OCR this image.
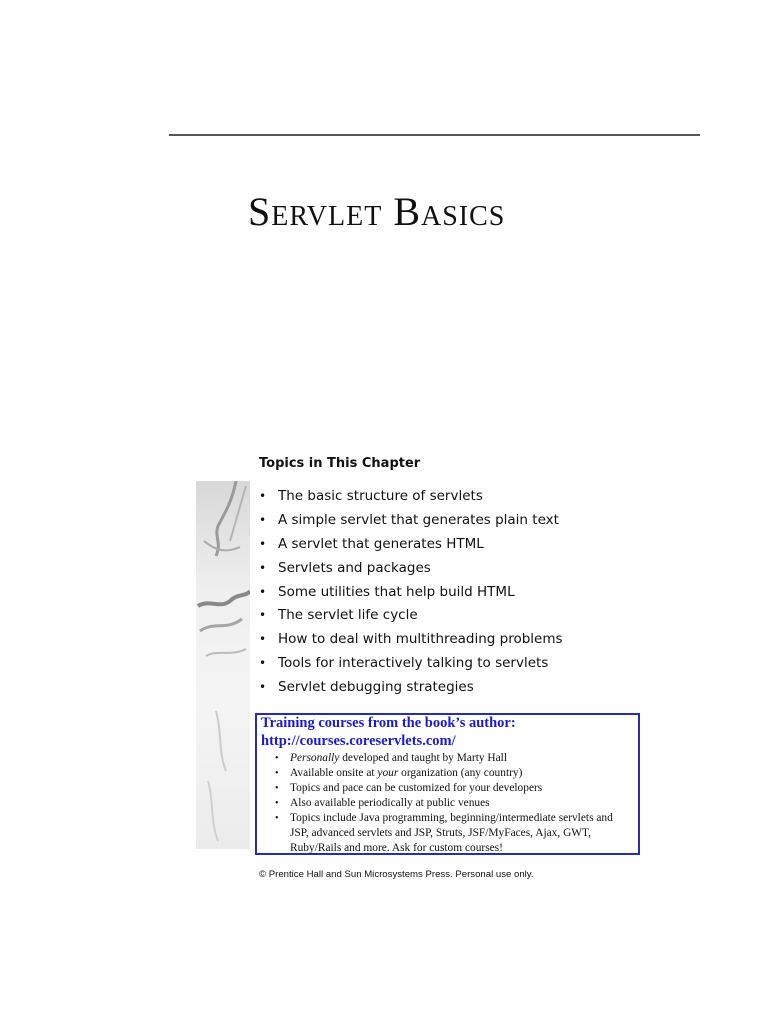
Servlet Basics
Topics in This Chapter
• The basic structure of servlets
• A simple servlet that generates plain text
• A servlet that generates HTML
• Servlets and packages
• Some utilities that help build HTML
• The servlet life cycle
• How to deal with multithreading problems
• Tools for interactively talking to servlets
• Servlet debugging strategies
Training courses from the book’s author:
http://courses.coreservlets.com/
• Personally developed and taught by Marty Hall
• Available onsite at your organization (any country)
• Topics and pace can be customized for your developers
• Also available periodically at public venues
• Topics include Java programming, beginning/intermediate servlets and JSP, advanced servlets and JSP, Struts, JSF/MyFaces, Ajax, GWT, Ruby/Rails and more. Ask for custom courses!

© Prentice Hall and Sun Microsystems Press. Personal use only.
